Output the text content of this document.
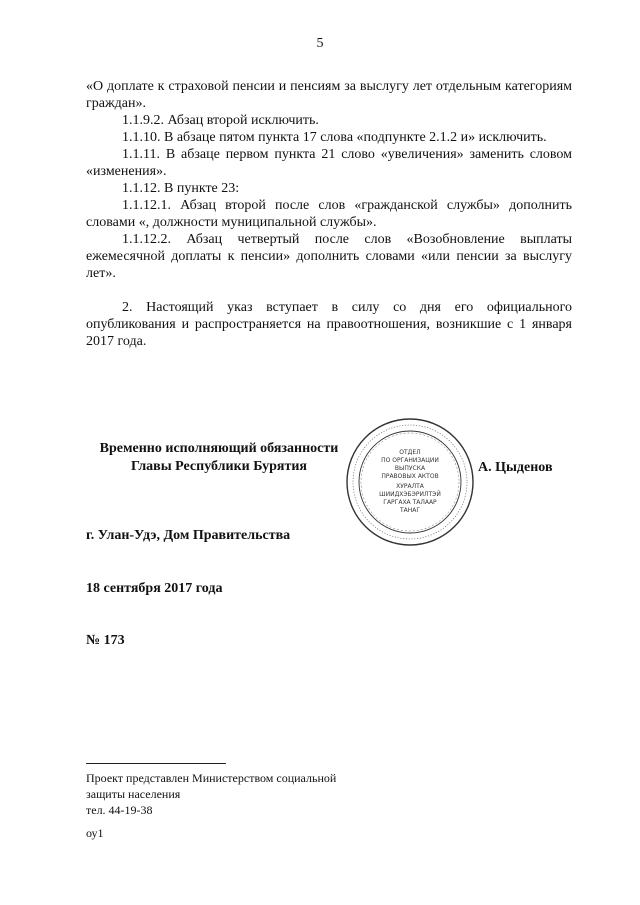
5

«О доплате к страховой пенсии и пенсиям за выслугу лет отдельным категориям граждан».

1.1.9.2. Абзац второй исключить.

1.1.10. В абзаце пятом пункта 17 слова «подпункте 2.1.2 и» исключить.

1.1.11. В абзаце первом пункта 21 слово «увеличения» заменить словом «изменения».

1.1.12. В пункте 23:

1.1.12.1. Абзац второй после слов «гражданской службы» дополнить словами «, должности муниципальной службы».

1.1.12.2. Абзац четвертый после слов «Возобновление выплаты ежемесячной доплаты к пенсии» дополнить словами «или пенсии за выслугу лет».

2. Настоящий указ вступает в силу со дня его официального опубликования и распространяется на правоотношения, возникшие с 1 января 2017 года.

Временно исполняющий обязанности
Главы Республики Бурятия
ОТДЕЛ
ПО ОРГАНИЗАЦИИ
ВЫПУСКА
ПРАВОВЫХ АКТОВ
ХУРАЛТА
ШИИДХЭБЭРИЛТЭЙ
ГАРГАХА ТАЛААР
ТАНАГ
А. Цыденов
г. Улан-Удэ, Дом Правительства
18 сентября 2017 года
№ 173
Проект представлен Министерством социальной
защиты населения
тел. 44-19-38
оу1
